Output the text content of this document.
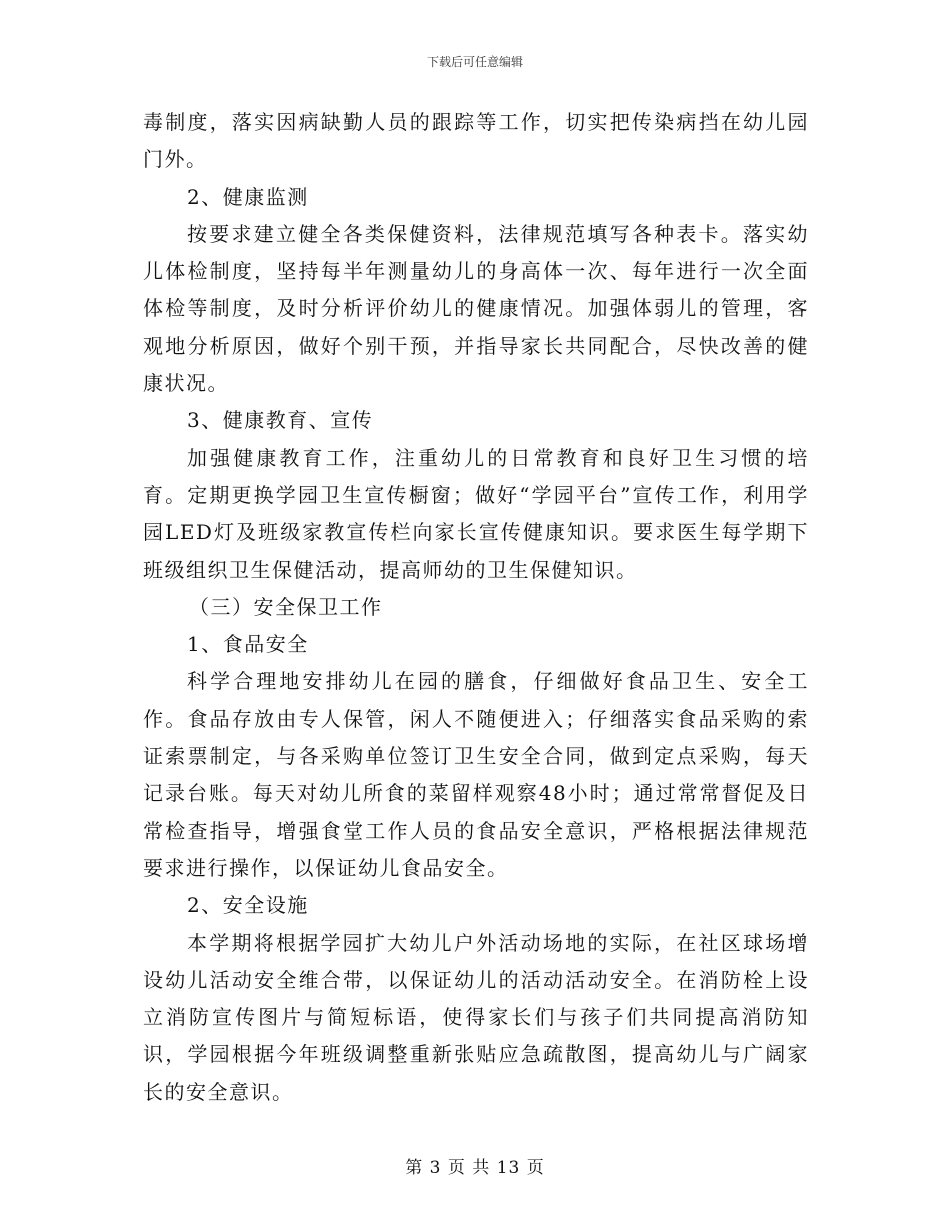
下载后可任意编辑

毒制度，落实因病缺勤人员的跟踪等工作，切实把传染病挡在幼儿园门外。

2、健康监测

按要求建立健全各类保健资料，法律规范填写各种表卡。落实幼儿体检制度，坚持每半年测量幼儿的身高体一次、每年进行一次全面体检等制度，及时分析评价幼儿的健康情况。加强体弱儿的管理，客观地分析原因，做好个别干预，并指导家长共同配合，尽快改善的健康状况。

3、健康教育、宣传

加强健康教育工作，注重幼儿的日常教育和良好卫生习惯的培育。定期更换学园卫生宣传橱窗；做好“学园平台”宣传工作，利用学园LED灯及班级家教宣传栏向家长宣传健康知识。要求医生每学期下班级组织卫生保健活动，提高师幼的卫生保健知识。

（三）安全保卫工作

1、食品安全

科学合理地安排幼儿在园的膳食，仔细做好食品卫生、安全工作。食品存放由专人保管，闲人不随便进入；仔细落实食品采购的索证索票制定，与各采购单位签订卫生安全合同，做到定点采购，每天记录台账。每天对幼儿所食的菜留样观察48小时；通过常常督促及日常检查指导，增强食堂工作人员的食品安全意识，严格根据法律规范要求进行操作，以保证幼儿食品安全。

2、安全设施

本学期将根据学园扩大幼儿户外活动场地的实际，在社区球场增设幼儿活动安全维合带，以保证幼儿的活动活动安全。在消防栓上设立消防宣传图片与简短标语，使得家长们与孩子们共同提高消防知识，学园根据今年班级调整重新张贴应急疏散图，提高幼儿与广阔家长的安全意识。

第 3 页 共 13 页
